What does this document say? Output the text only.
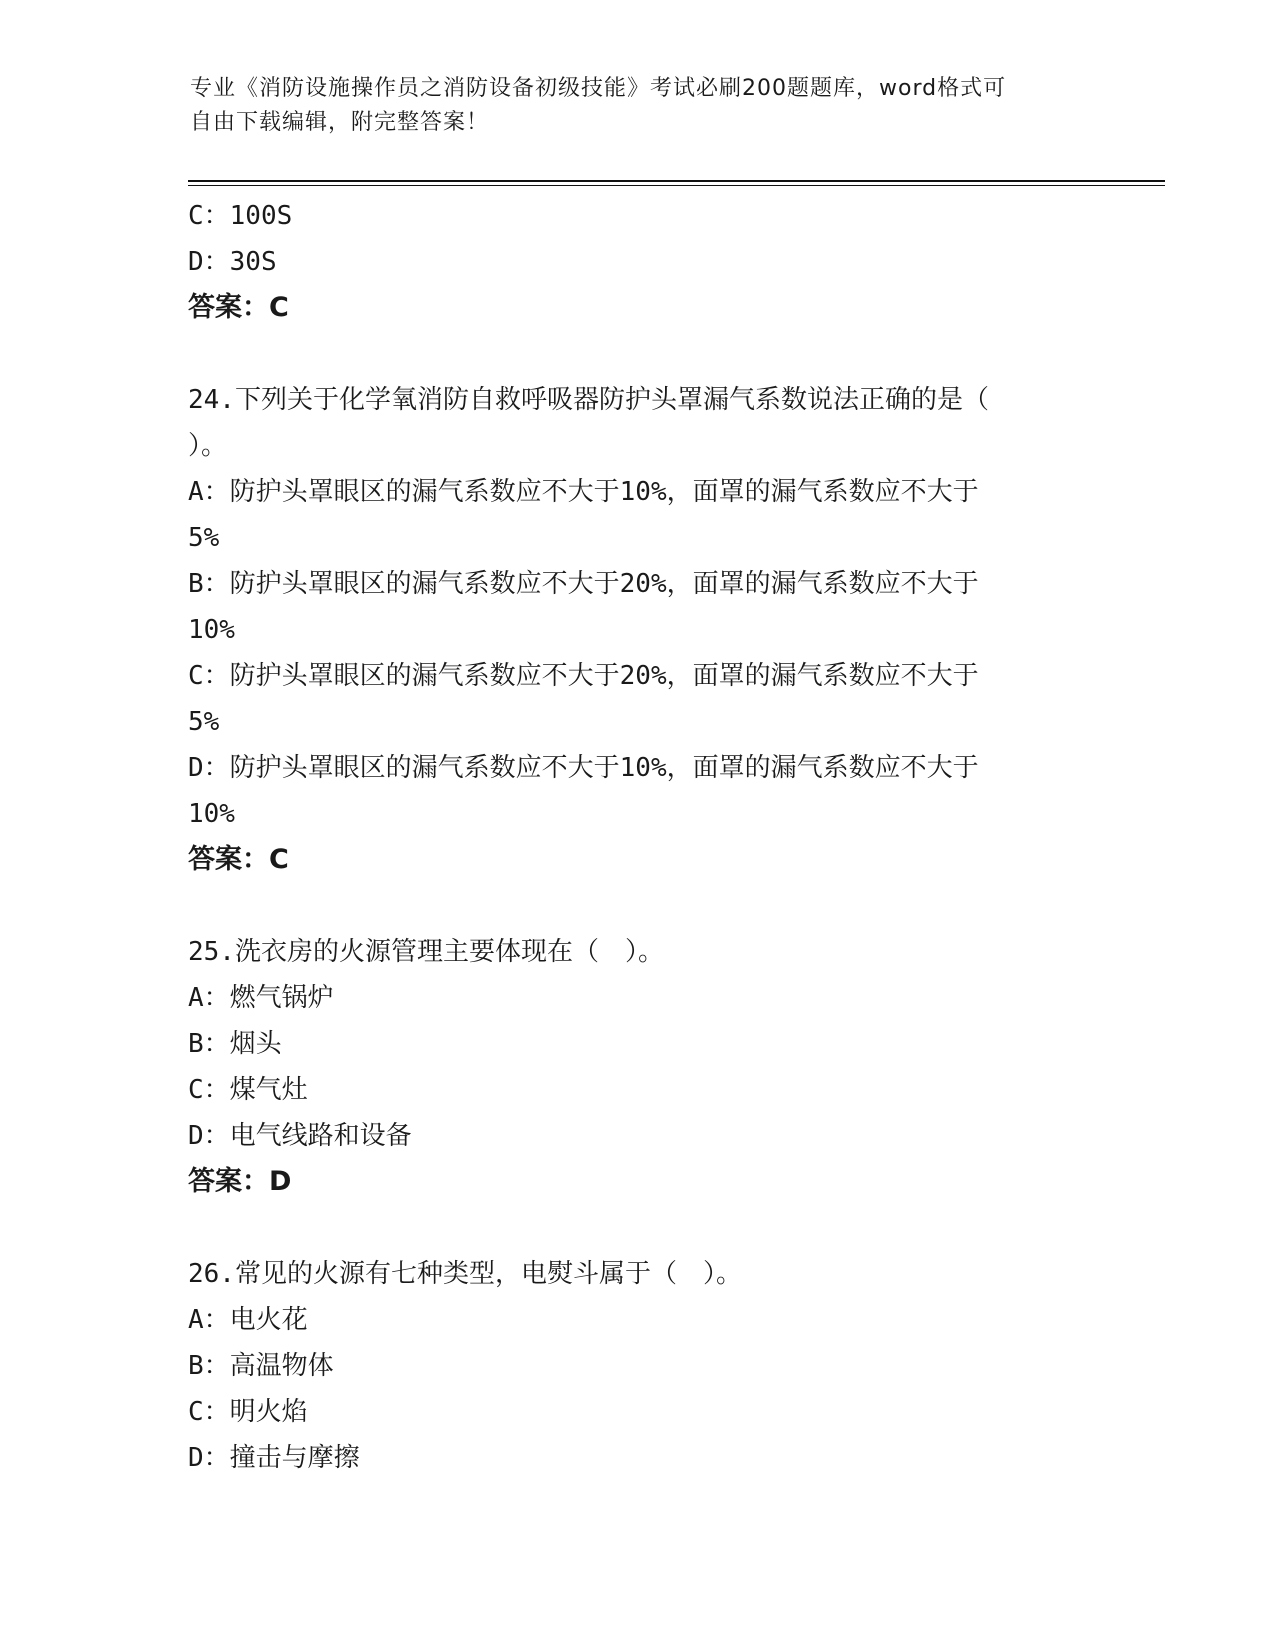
专业《消防设施操作员之消防设备初级技能》考试必刷200题题库，word格式可
自由下载编辑，附完整答案！

C：100S

D：30S

答案：C

24.下列关于化学氧消防自救呼吸器防护头罩漏气系数说法正确的是（

）。

A：防护头罩眼区的漏气系数应不大于10%，面罩的漏气系数应不大于

5%

B：防护头罩眼区的漏气系数应不大于20%，面罩的漏气系数应不大于

10%

C：防护头罩眼区的漏气系数应不大于20%，面罩的漏气系数应不大于

5%

D：防护头罩眼区的漏气系数应不大于10%，面罩的漏气系数应不大于

10%

答案：C

25.洗衣房的火源管理主要体现在（　）。

A：燃气锅炉

B：烟头

C：煤气灶

D：电气线路和设备

答案：D

26.常见的火源有七种类型，电熨斗属于（　）。

A：电火花

B：高温物体

C：明火焰

D：撞击与摩擦
